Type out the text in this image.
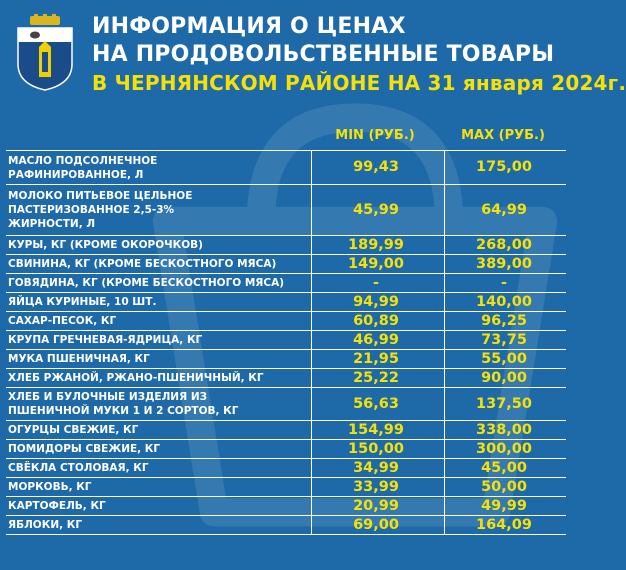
ИНФОРМАЦИЯ О ЦЕНАХ
НА ПРОДОВОЛЬСТВЕННЫЕ ТОВАРЫ
В ЧЕРНЯНСКОМ РАЙОНЕ НА 31 января 2024г.
MIN (РУБ.)	MAX (РУБ.)
МАСЛО ПОДСОЛНЕЧНОЕ
РАФИНИРОВАННОЕ, Л	99,43	175,00
МОЛОКО ПИТЬЕВОЕ ЦЕЛЬНОЕ
ПАСТЕРИЗОВАННОЕ 2,5-3%
ЖИРНОСТИ, Л
45,99	64,99
КУРЫ, КГ (КРОМЕ ОКОРОЧКОВ)	189,99	268,00
СВИНИНА, КГ (КРОМЕ БЕСКОСТНОГО МЯСА)	149,00	389,00
ГОВЯДИНА, КГ (КРОМЕ БЕСКОСТНОГО МЯСА)	-	-
ЯЙЦА КУРИНЫЕ, 10 ШТ.	94,99	140,00
САХАР-ПЕСОК, КГ	60,89	96,25
КРУПА ГРЕЧНЕВАЯ-ЯДРИЦА, КГ	46,99	73,75
МУКА ПШЕНИЧНАЯ, КГ	21,95	55,00
ХЛЕБ РЖАНОЙ, РЖАНО-ПШЕНИЧНЫЙ, КГ	25,22	90,00
ХЛЕБ И БУЛОЧНЫЕ ИЗДЕЛИЯ ИЗ
ПШЕНИЧНОЙ МУКИ 1 И 2 СОРТОВ, КГ	56,63	137,50
ОГУРЦЫ СВЕЖИЕ, КГ	154,99	338,00
ПОМИДОРЫ СВЕЖИЕ, КГ	150,00	300,00
СВЁКЛА СТОЛОВАЯ, КГ	34,99	45,00
МОРКОВЬ, КГ	33,99	50,00
КАРТОФЕЛЬ, КГ	20,99	49,99
ЯБЛОКИ, КГ	69,00	164,09
